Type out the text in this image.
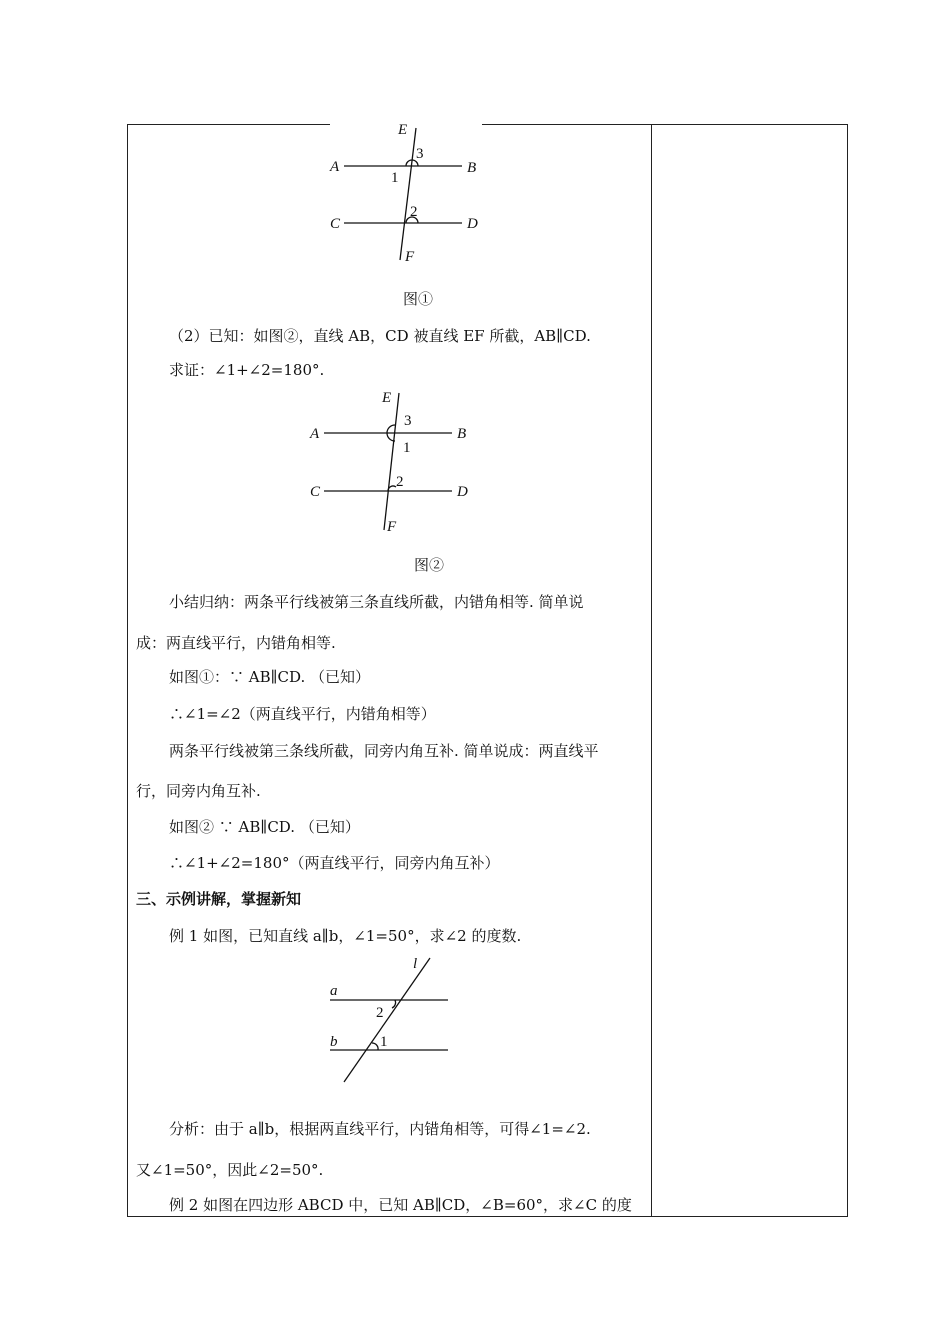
E
A	B
C	D
F
1
2
3
图①
（2）已知：如图②，直线 AB，CD 被直线 EF 所截，AB∥CD.
求证：∠1+∠2=180°.
E
A	B
C	D
F
1
2
3
图②
小结归纳：两条平行线被第三条直线所截，内错角相等. 简单说
成：两直线平行，内错角相等.
如图①：∵ AB∥CD. （已知）
∴∠1=∠2（两直线平行，内错角相等）
两条平行线被第三条线所截，同旁内角互补. 简单说成：两直线平
行，同旁内角互补.
如图② ∵ AB∥CD. （已知）
∴∠1+∠2=180°（两直线平行，同旁内角互补）
三、示例讲解，掌握新知
例 1 如图，已知直线 a∥b，∠1=50°，求∠2 的度数.
l
a
b	1
2
分析：由于 a∥b，根据两直线平行，内错角相等，可得∠1=∠2.
又∠1=50°，因此∠2=50°.
例 2 如图在四边形 ABCD 中，已知 AB∥CD，∠B=60°，求∠C 的度
